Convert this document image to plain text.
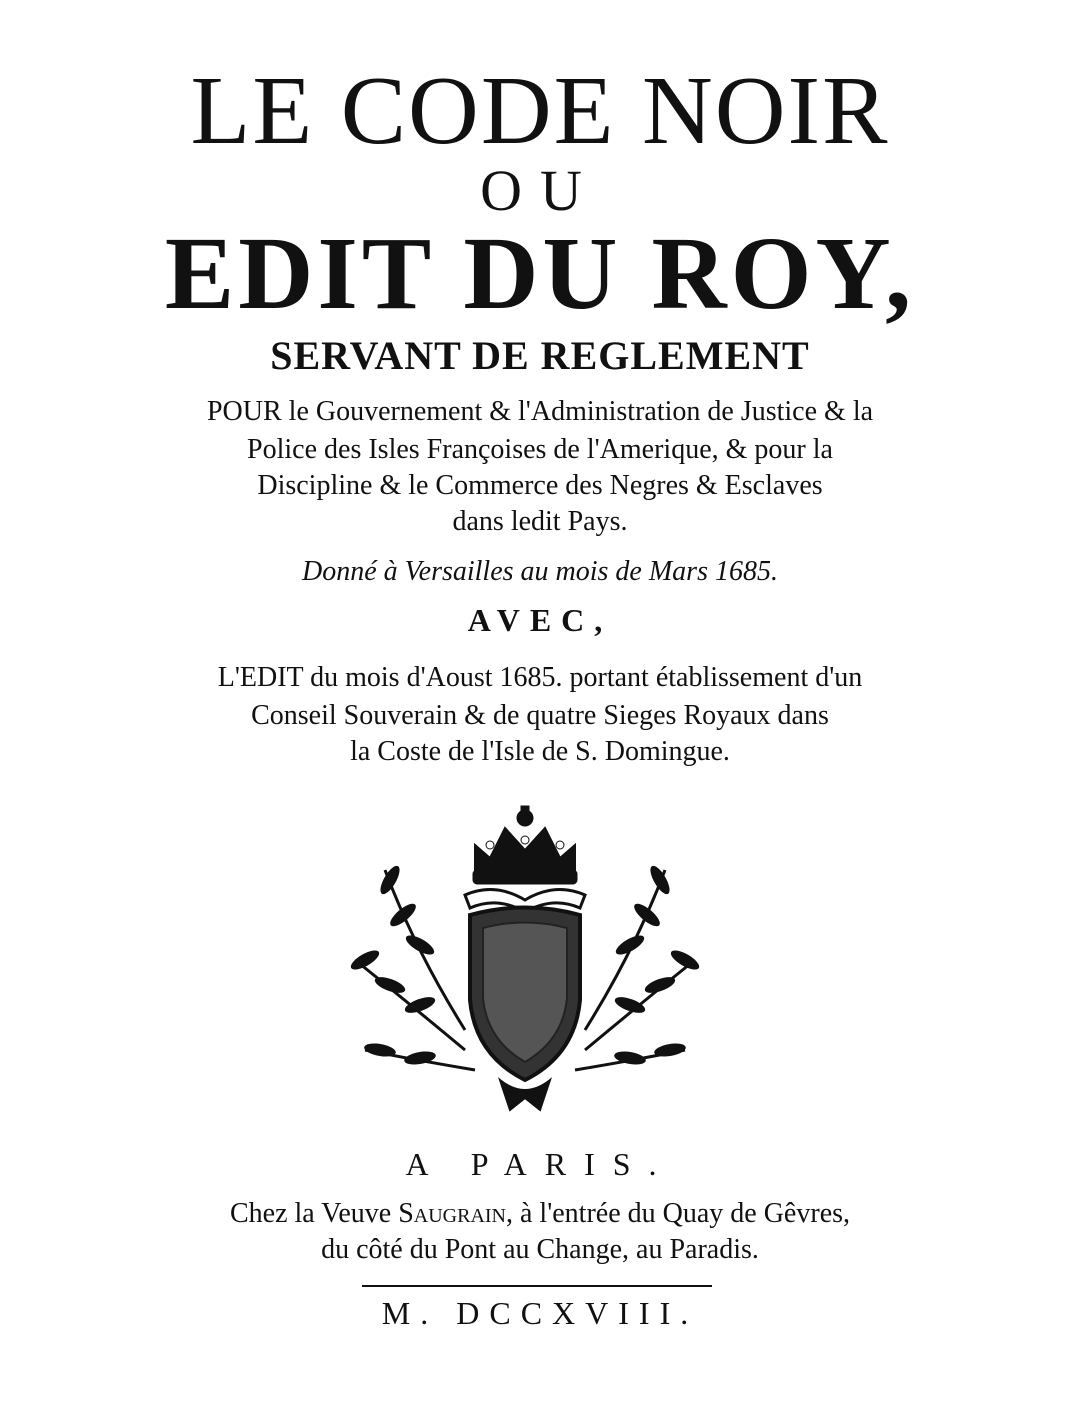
LE CODE NOIR
OU
EDIT DU ROY,
SERVANT DE REGLEMENT
POUR le Gouvernement & l'Administration de Justice & la
Police des Isles Françoises de l'Amerique, & pour la
Discipline & le Commerce des Negres & Esclaves
dans ledit Pays.
Donné à Versailles au mois de Mars 1685.
AVEC,
L'EDIT du mois d'Aoust 1685. portant établissement d'un
Conseil Souverain & de quatre Sieges Royaux dans
la Coste de l'Isle de S. Domingue.
A PARIS.
Chez la Veuve Saugrain, à l'entrée du Quay de Gêvres,
du côté du Pont au Change, au Paradis.
M. DCCXVIII.
